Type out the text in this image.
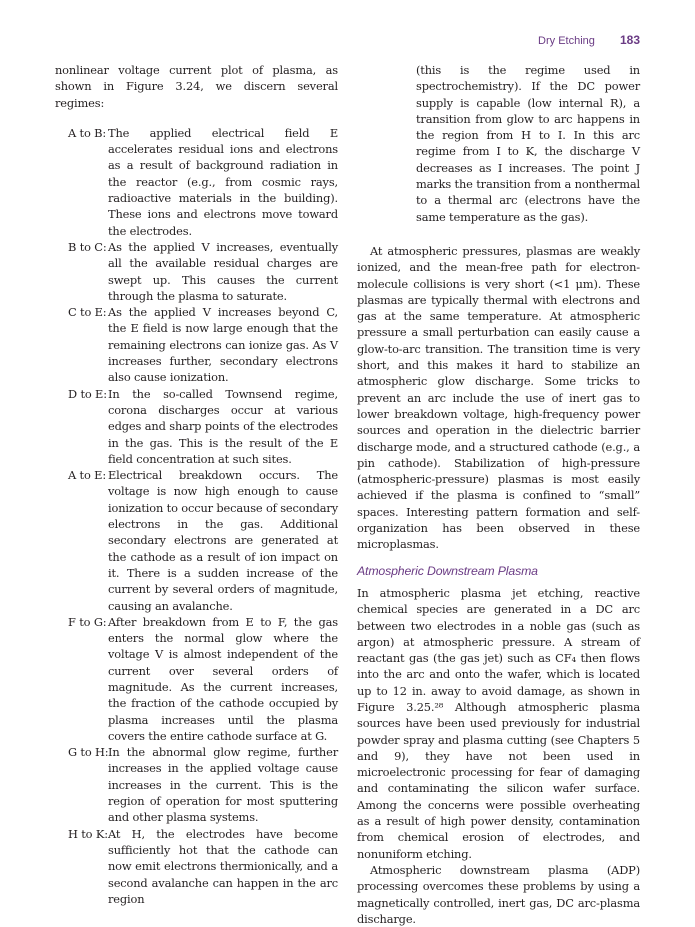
Dry Etching 183

nonlinear voltage current plot of plasma, as shown in Figure 3.24, we discern several regimes:

A to B: The applied electrical field E accelerates residual ions and electrons as a result of background radiation in the reactor (e.g., from cosmic rays, radioactive materials in the building). These ions and electrons move toward the electrodes.

B to C: As the applied V increases, eventually all the available residual charges are swept up. This causes the current through the plasma to saturate.

C to E: As the applied V increases beyond C, the E field is now large enough that the remaining electrons can ionize gas. As V increases further, secondary electrons also cause ionization.

D to E: In the so-called Townsend regime, corona discharges occur at various edges and sharp points of the electrodes in the gas. This is the result of the E field concentration at such sites.

A to E: Electrical breakdown occurs. The voltage is now high enough to cause ionization to occur because of secondary electrons in the gas. Additional secondary electrons are generated at the cathode as a result of ion impact on it. There is a sudden increase of the current by several orders of magnitude, causing an avalanche.

F to G: After breakdown from E to F, the gas enters the normal glow where the voltage V is almost independent of the current over several orders of magnitude. As the current increases, the fraction of the cathode occupied by plasma increases until the plasma covers the entire cathode surface at G.

G to H: In the abnormal glow regime, further increases in the applied voltage cause increases in the current. This is the region of operation for most sputtering and other plasma systems.

H to K: At H, the electrodes have become sufficiently hot that the cathode can now emit electrons thermionically, and a second avalanche can happen in the arc region

(this is the regime used in spectrochemistry). If the DC power supply is capable (low internal R), a transition from glow to arc happens in the region from H to I. In this arc regime from I to K, the discharge V decreases as I increases. The point J marks the transition from a nonthermal to a thermal arc (electrons have the same temperature as the gas).

At atmospheric pressures, plasmas are weakly ionized, and the mean-free path for electron-molecule collisions is very short (<1 μm). These plasmas are typically thermal with electrons and gas at the same temperature. At atmospheric pressure a small perturbation can easily cause a glow-to-arc transition. The transition time is very short, and this makes it hard to stabilize an atmospheric glow discharge. Some tricks to prevent an arc include the use of inert gas to lower breakdown voltage, high-frequency power sources and operation in the dielectric barrier discharge mode, and a structured cathode (e.g., a pin cathode). Stabilization of high-pressure (atmospheric-pressure) plasmas is most easily achieved if the plasma is confined to “small” spaces. Interesting pattern formation and self-organization has been observed in these microplasmas.

Atmospheric Downstream Plasma

In atmospheric plasma jet etching, reactive chemical species are generated in a DC arc between two electrodes in a noble gas (such as argon) at atmospheric pressure. A stream of reactant gas (the gas jet) such as CF₄ then flows into the arc and onto the wafer, which is located up to 12 in. away to avoid damage, as shown in Figure 3.25.²⁸ Although atmospheric plasma sources have been used previously for industrial powder spray and plasma cutting (see Chapters 5 and 9), they have not been used in microelectronic processing for fear of damaging and contaminating the silicon wafer surface. Among the concerns were possible overheating as a result of high power density, contamination from chemical erosion of electrodes, and nonuniform etching.

Atmospheric downstream plasma (ADP) processing overcomes these problems by using a magnetically controlled, inert gas, DC arc-plasma discharge.
